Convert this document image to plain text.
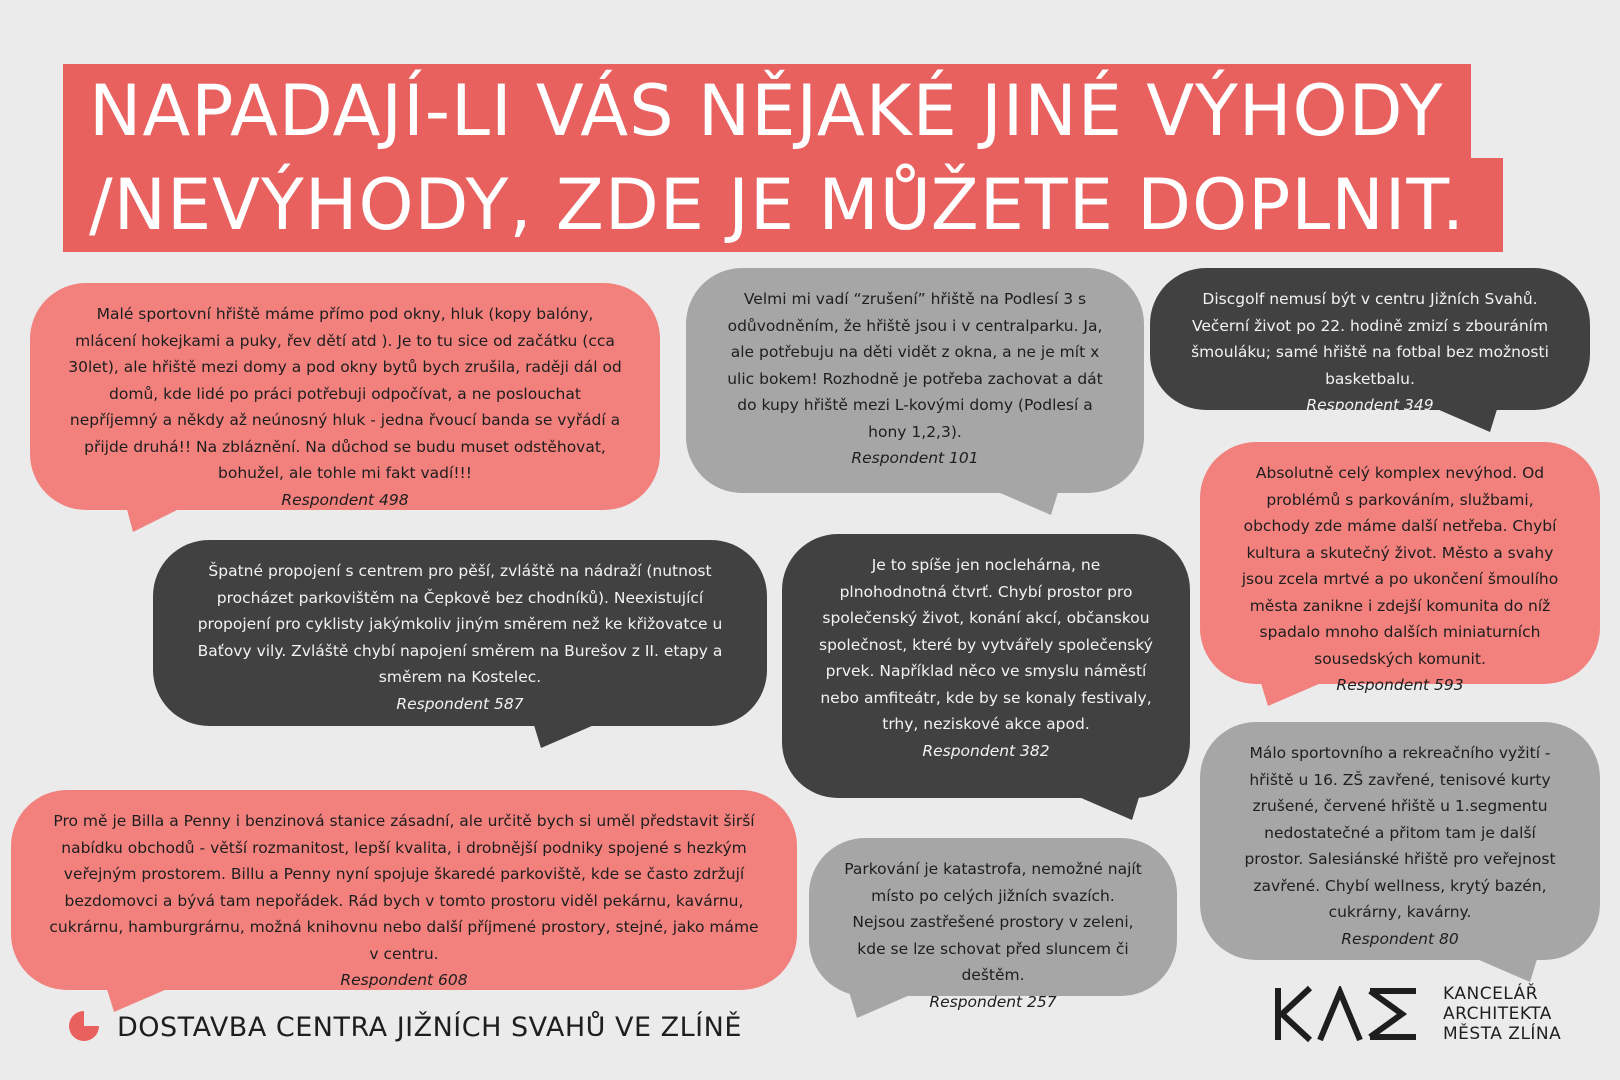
NAPADAJÍ-LI VÁS NĚJAKÉ JINÉ VÝHODY
/NEVÝHODY, ZDE JE MŮŽETE DOPLNIT.

Malé sportovní hřiště máme přímo pod okny, hluk (kopy balóny, mlácení hokejkami a puky, řev dětí atd ). Je to tu sice od začátku (cca 30let), ale hřiště mezi domy a pod okny bytů bych zrušila, raději dál od domů, kde lidé po práci potřebuji odpočívat, a ne poslouchat nepříjemný a někdy až neúnosný hluk - jedna řvoucí banda se vyřádí a přijde druhá!! Na zbláznění. Na důchod se budu muset odstěhovat, bohužel, ale tohle mi fakt vadí!!!

Respondent 498

Velmi mi vadí “zrušení” hřiště na Podlesí 3 s odůvodněním, že hřiště jsou i v centralparku. Ja, ale potřebuju na děti vidět z okna, a ne je mít x ulic bokem! Rozhodně je potřeba zachovat a dát do kupy hřiště mezi L-kovými domy (Podlesí a hony 1,2,3).

Respondent 101

Discgolf nemusí být v centru Jižních Svahů. Večerní život po 22. hodině zmizí s zbouráním šmouláku; samé hřiště na fotbal bez možnosti basketbalu.

Respondent 349

Absolutně celý komplex nevýhod. Od problémů s parkováním, službami, obchody zde máme další netřeba. Chybí kultura a skutečný život. Město a svahy jsou zcela mrtvé a po ukončení šmoulího města zanikne i zdejší komunita do níž spadalo mnoho dalších miniaturních sousedských komunit.

Respondent 593

Špatné propojení s centrem pro pěší, zvláště na nádraží (nutnost procházet parkovištěm na Čepkově bez chodníků). Neexistující propojení pro cyklisty jakýmkoliv jiným směrem než ke křižovatce u Baťovy vily. Zvláště chybí napojení směrem na Burešov z II. etapy a směrem na Kostelec.

Respondent 587

Je to spíše jen noclehárna, ne plnohodnotná čtvrť. Chybí prostor pro společenský život, konání akcí, občanskou společnost, které by vytvářely společenský prvek. Například něco ve smyslu náměstí nebo amfiteátr, kde by se konaly festivaly, trhy, neziskové akce apod.

Respondent 382

Pro mě je Billa a Penny i benzinová stanice zásadní, ale určitě bych si uměl představit širší nabídku obchodů - větší rozmanitost, lepší kvalita, i drobnější podniky spojené s hezkým veřejným prostorem. Billu a Penny nyní spojuje škaredé parkoviště, kde se často zdržují bezdomovci a bývá tam nepořádek. Rád bych v tomto prostoru viděl pekárnu, kavárnu, cukrárnu, hamburgrárnu, možná knihovnu nebo další příjmené prostory, stejné, jako máme v centru.

Respondent 608

Parkování je katastrofa, nemožné najít místo po celých jižních svazích. Nejsou zastřešené prostory v zeleni, kde se lze schovat před sluncem či deštěm.

Respondent 257

Málo sportovního a rekreačního vyžití - hřiště u 16. ZŠ zavřené, tenisové kurty zrušené, červené hřiště u 1.segmentu nedostatečné a přitom tam je další prostor. Salesiánské hřiště pro veřejnost zavřené. Chybí wellness, krytý bazén, cukrárny, kavárny.

Respondent 80
DOSTAVBA CENTRA JIŽNÍCH SVAHŮ VE ZLÍNĚ
KANCELÁŘ
ARCHITEKTA
MĚSTA ZLÍNA
